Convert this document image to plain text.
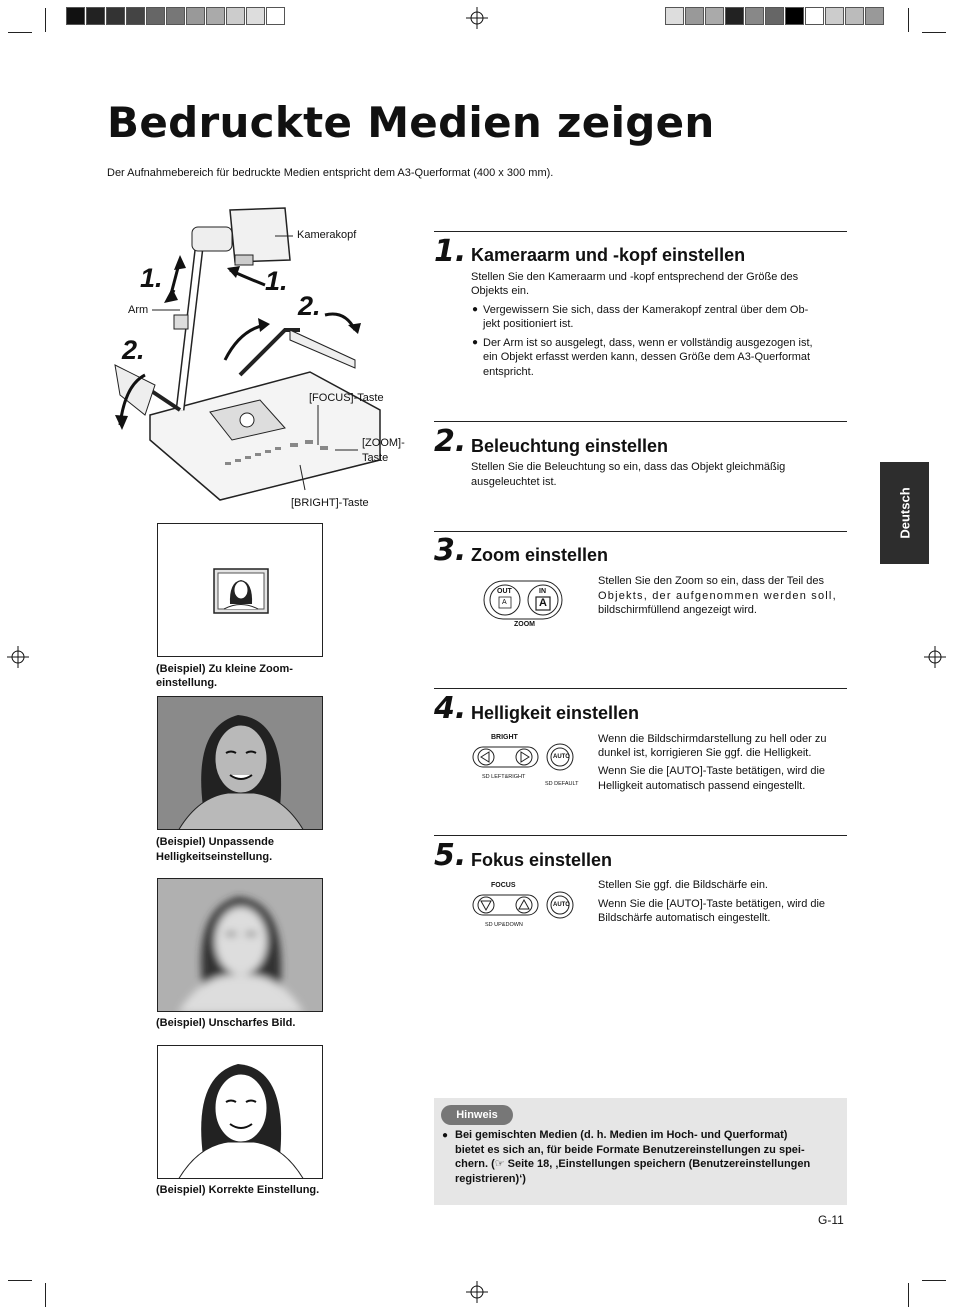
Bedruckte Medien zeigen
Der Aufnahmebereich für bedruckte Medien entspricht dem A3-Querformat (400 x 300 mm).
Kamerakopf
Arm
[FOCUS]-Taste
[ZOOM]-
Taste
[BRIGHT]-Taste
1.	1.
2.
2.
(Beispiel) Zu kleine Zoom-
einstellung.
(Beispiel) Unpassende
Helligkeitseinstellung.
(Beispiel) Unscharfes Bild.
(Beispiel) Korrekte Einstellung.
Deutsch
1. Kameraarm und -kopf einstellen
Stellen Sie den Kameraarm und -kopf entsprechend der Größe des
Objekts ein.
● Vergewissern Sie sich, dass der Kamerakopf zentral über dem Ob-
jekt positioniert ist.
● Der Arm ist so ausgelegt, dass, wenn er vollständig ausgezogen ist,
ein Objekt erfasst werden kann, dessen Größe dem A3-Querformat
entspricht.
2. Beleuchtung einstellen
Stellen Sie die Beleuchtung so ein, dass das Objekt gleichmäßig
ausgeleuchtet ist.
3. Zoom einstellen
Stellen Sie den Zoom so ein, dass der Teil des
Objekts, der aufgenommen werden soll,
bildschirmfüllend angezeigt wird.
OUT
A
IN
A
ZOOM
4. Helligkeit einstellen
Wenn die Bildschirmdarstellung zu hell oder zu
dunkel ist, korrigieren Sie ggf. die Helligkeit.
Wenn Sie die [AUTO]-Taste betätigen, wird die
Helligkeit automatisch passend eingestellt.
BRIGHT
AUTO
SD LEFT&RIGHT
SD DEFAULT
5. Fokus einstellen
Stellen Sie ggf. die Bildschärfe ein.
Wenn Sie die [AUTO]-Taste betätigen, wird die
Bildschärfe automatisch eingestellt.
FOCUS
AUTO
SD UP&DOWN
Hinweis
● Bei gemischten Medien (d. h. Medien im Hoch- und Querformat)
bietet es sich an, für beide Formate Benutzereinstellungen zu spei-
chern. (☞ Seite 18, ‚Einstellungen speichern (Benutzereinstellungen
registrieren)‘)
G-11
